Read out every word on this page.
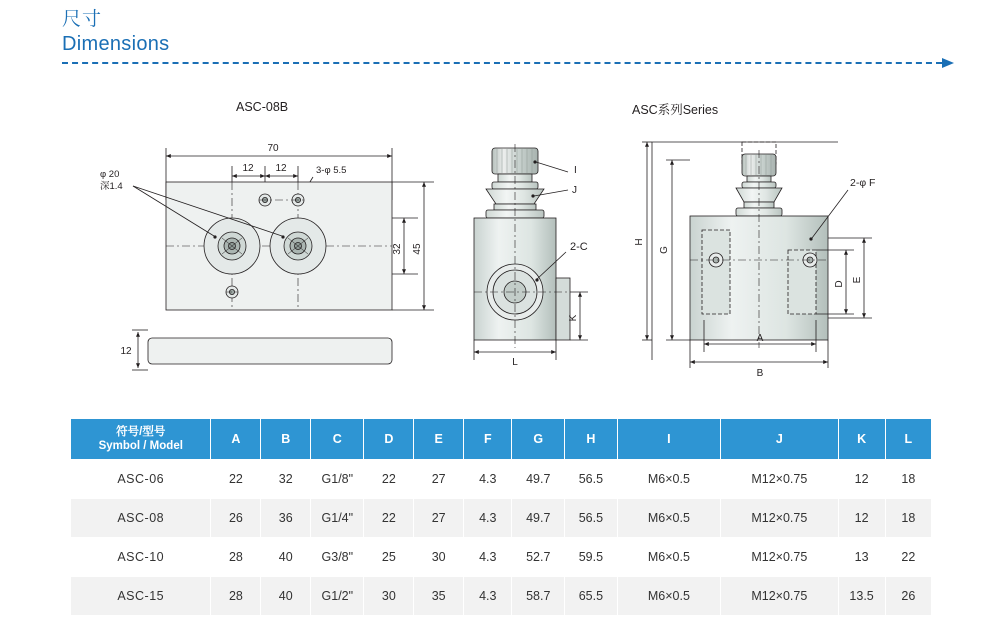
尺寸
Dimensions
ASC-08B	ASC系列Series
70
12 12	3-φ 5.5
φ 20
深1.4
32 45
12
I
J
2-C
K
L
2-φ F
H
G
D
E
A
B
符号/型号
Symbol / Model	A	B	C	D	E	F	G	H	I	J	K	L
ASC-06	22	32	G1/8"	22	27	4.3	49.7	56.5	M6×0.5	M12×0.75	12	18
ASC-08	26	36	G1/4"	22	27	4.3	49.7	56.5	M6×0.5	M12×0.75	12	18
ASC-10	28	40	G3/8"	25	30	4.3	52.7	59.5	M6×0.5	M12×0.75	13	22
ASC-15	28	40	G1/2"	30	35	4.3	58.7	65.5	M6×0.5	M12×0.75	13.5	26
